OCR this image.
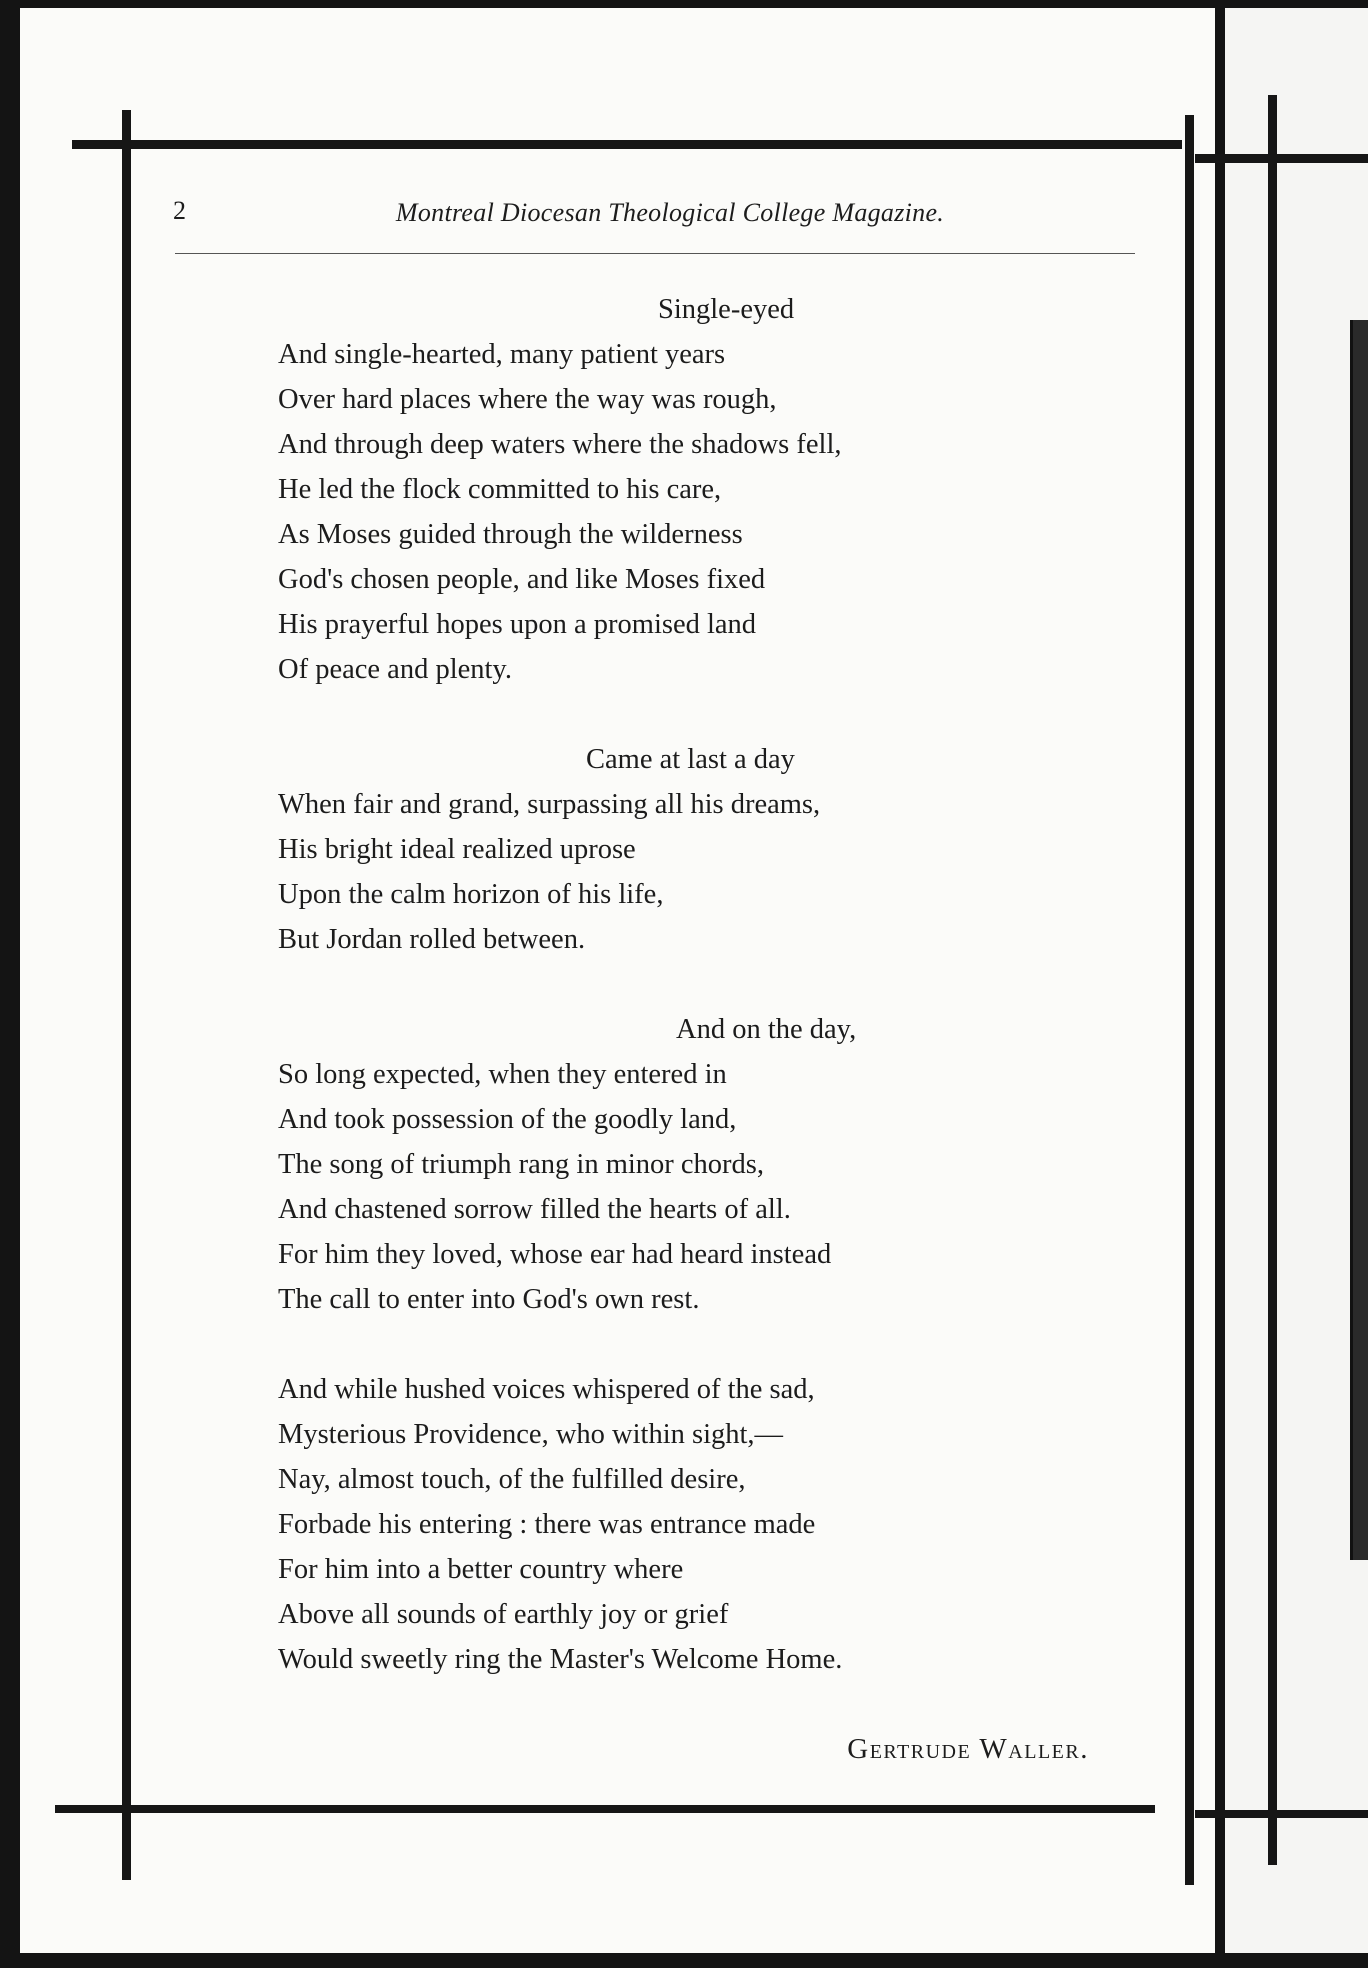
2	Montreal Diocesan Theological College Magazine.

Single-eyed
And single-hearted, many patient years
Over hard places where the way was rough,
And through deep waters where the shadows fell,
He led the flock committed to his care,
As Moses guided through the wilderness
God's chosen people, and like Moses fixed
His prayerful hopes upon a promised land
Of peace and plenty.

Came at last a day
When fair and grand, surpassing all his dreams,
His bright ideal realized uprose
Upon the calm horizon of his life,
But Jordan rolled between.

And on the day,
So long expected, when they entered in
And took possession of the goodly land,
The song of triumph rang in minor chords,
And chastened sorrow filled the hearts of all.
For him they loved, whose ear had heard instead
The call to enter into God's own rest.

And while hushed voices whispered of the sad,
Mysterious Providence, who within sight,—
Nay, almost touch, of the fulfilled desire,
Forbade his entering : there was entrance made
For him into a better country where
Above all sounds of earthly joy or grief
Would sweetly ring the Master's Welcome Home.

Gertrude Waller.
